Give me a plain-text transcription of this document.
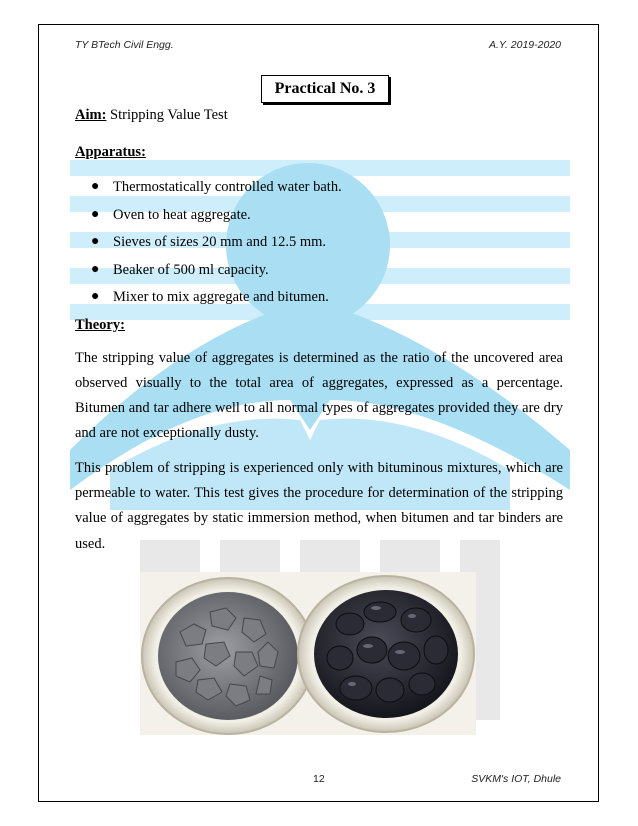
TY BTech Civil Engg.	A.Y. 2019-2020
Practical No. 3

Aim: Stripping Value Test

Apparatus:

● Thermostatically controlled water bath.
● Oven to heat aggregate.
● Sieves of sizes 20 mm and 12.5 mm.
● Beaker of 500 ml capacity.
● Mixer to mix aggregate and bitumen.

Theory:

The stripping value of aggregates is determined as the ratio of the uncovered area observed visually to the total area of aggregates, expressed as a percentage. Bitumen and tar adhere well to all normal types of aggregates provided they are dry and are not exceptionally dusty.

This problem of stripping is experienced only with bituminous mixtures, which are permeable to water. This test gives the procedure for determination of the stripping value of aggregates by static immersion method, when bitumen and tar binders are used.

12	SVKM's IOT, Dhule
